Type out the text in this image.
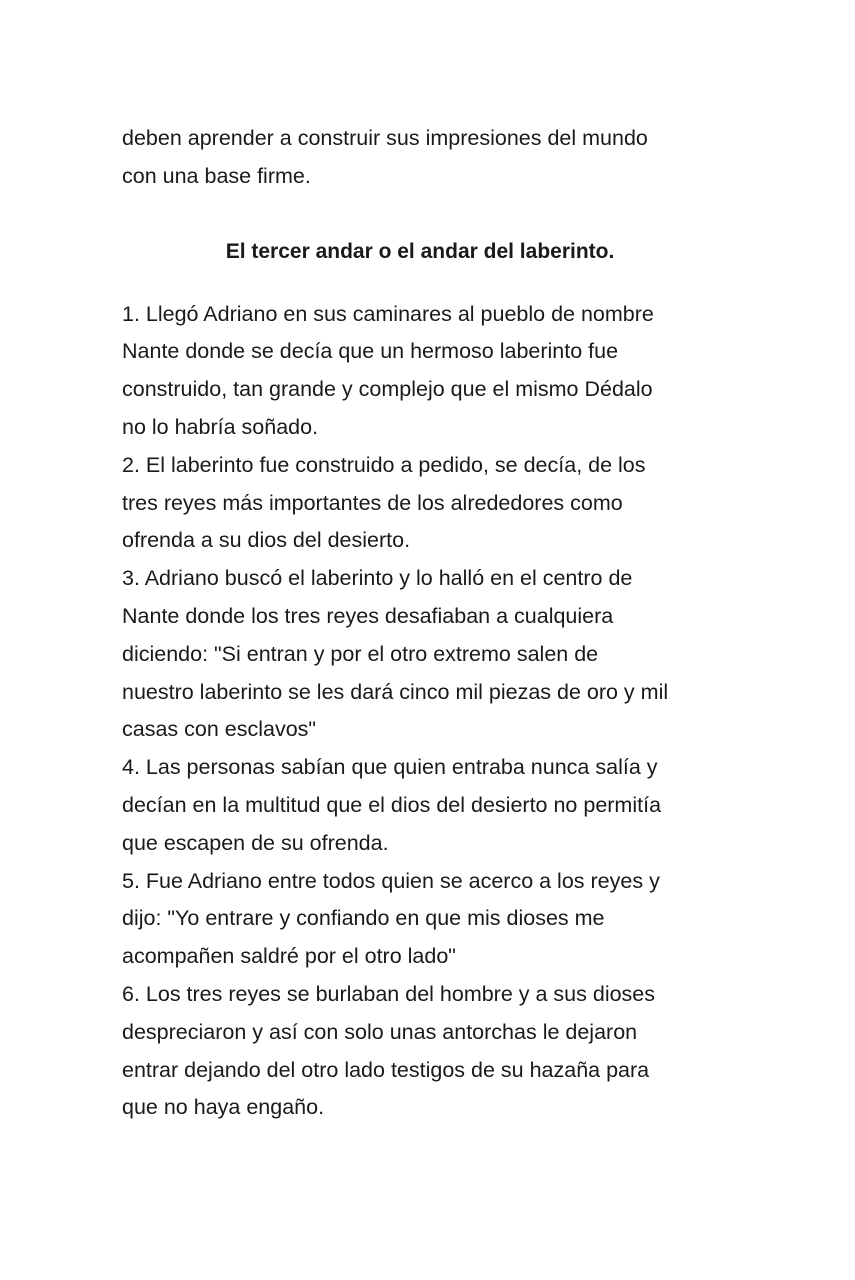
deben aprender a construir sus impresiones del mundo
con una base firme.
El tercer andar o el andar del laberinto.
1. Llegó Adriano en sus caminares al pueblo de nombre
Nante donde se decía que un hermoso laberinto fue
construido, tan grande y complejo que el mismo Dédalo
no lo habría soñado.
2. El laberinto fue construido a pedido, se decía, de los
tres reyes más importantes de los alrededores como
ofrenda a su dios del desierto.
3. Adriano buscó el laberinto y lo halló en el centro de
Nante donde los tres reyes desafiaban a cualquiera
diciendo: "Si entran y por el otro extremo salen de
nuestro laberinto se les dará cinco mil piezas de oro y mil
casas con esclavos"
4. Las personas sabían que quien entraba nunca salía y
decían en la multitud que el dios del desierto no permitía
que escapen de su ofrenda.
5. Fue Adriano entre todos quien se acerco a los reyes y
dijo: "Yo entrare y confiando en que mis dioses me
acompañen saldré por el otro lado"
6. Los tres reyes se burlaban del hombre y a sus dioses
despreciaron y así con solo unas antorchas le dejaron
entrar dejando del otro lado testigos de su hazaña para
que no haya engaño.
